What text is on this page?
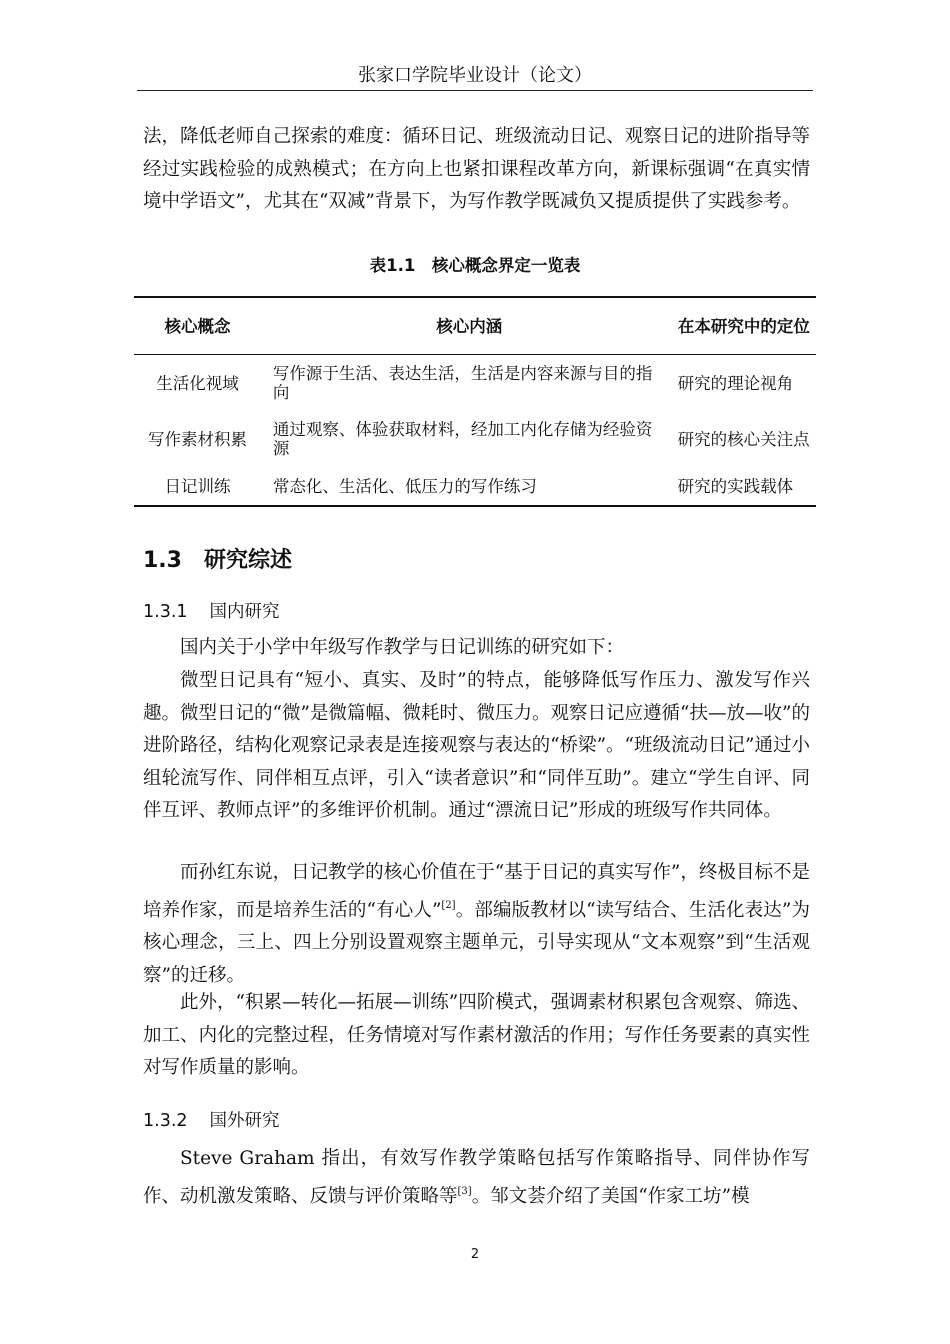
张家口学院毕业设计（论文）

法，降低老师自己探索的难度：循环日记、班级流动日记、观察日记的进阶指导等经过实践检验的成熟模式；在方向上也紧扣课程改革方向，新课标强调“在真实情境中学语文”，尤其在“双减”背景下，为写作教学既减负又提质提供了实践参考。

表1.1　核心概念界定一览表
核心概念	核心内涵	在本研究中的定位
生活化视域	写作源于生活、表达生活，生活是内容来源与目的指向	研究的理论视角
写作素材积累	通过观察、体验获取材料，经加工内化存储为经验资源	研究的核心关注点
日记训练	常态化、生活化、低压力的写作练习	研究的实践载体
1.3 研究综述
1.3.1 国内研究

国内关于小学中年级写作教学与日记训练的研究如下：

微型日记具有“短小、真实、及时”的特点，能够降低写作压力、激发写作兴趣。微型日记的“微”是微篇幅、微耗时、微压力。观察日记应遵循“扶—放—收”的进阶路径，结构化观察记录表是连接观察与表达的“桥梁”。“班级流动日记”通过小组轮流写作、同伴相互点评，引入“读者意识”和“同伴互助”。建立“学生自评、同伴互评、教师点评”的多维评价机制。通过“漂流日记”形成的班级写作共同体。

而孙红东说，日记教学的核心价值在于“基于日记的真实写作”，终极目标不是培养作家，而是培养生活的“有心人”[2]。部编版教材以“读写结合、生活化表达”为核心理念，三上、四上分别设置观察主题单元，引导实现从“文本观察”到“生活观察”的迁移。

此外，“积累—转化—拓展—训练”四阶模式，强调素材积累包含观察、筛选、加工、内化的完整过程，任务情境对写作素材激活的作用；写作任务要素的真实性对写作质量的影响。

1.3.2 国外研究

Steve Graham 指出，有效写作教学策略包括写作策略指导、同伴协作写作、动机激发策略、反馈与评价策略等[3]。邹文荟介绍了美国“作家工坊”模

2
